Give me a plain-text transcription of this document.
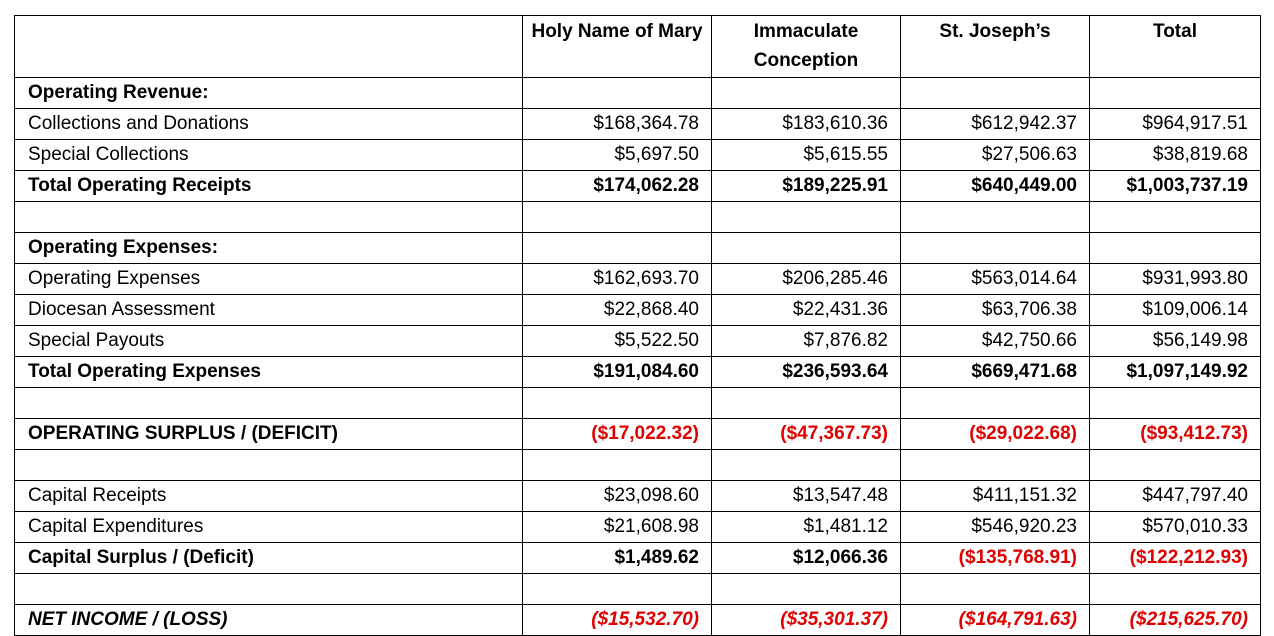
	Holy Name of Mary	Immaculate Conception	St. Joseph’s	Total
Operating Revenue:				
Collections and Donations	$168,364.78	$183,610.36	$612,942.37	$964,917.51
Special Collections	$5,697.50	$5,615.55	$27,506.63	$38,819.68
Total Operating Receipts	$174,062.28	$189,225.91	$640,449.00	$1,003,737.19

Operating Expenses:				
Operating Expenses	$162,693.70	$206,285.46	$563,014.64	$931,993.80
Diocesan Assessment	$22,868.40	$22,431.36	$63,706.38	$109,006.14
Special Payouts	$5,522.50	$7,876.82	$42,750.66	$56,149.98
Total Operating Expenses	$191,084.60	$236,593.64	$669,471.68	$1,097,149.92

OPERATING SURPLUS / (DEFICIT)	($17,022.32)	($47,367.73)	($29,022.68)	($93,412.73)

Capital Receipts	$23,098.60	$13,547.48	$411,151.32	$447,797.40
Capital Expenditures	$21,608.98	$1,481.12	$546,920.23	$570,010.33
Capital Surplus / (Deficit)	$1,489.62	$12,066.36	($135,768.91)	($122,212.93)

NET INCOME / (LOSS)	($15,532.70)	($35,301.37)	($164,791.63)	($215,625.70)
